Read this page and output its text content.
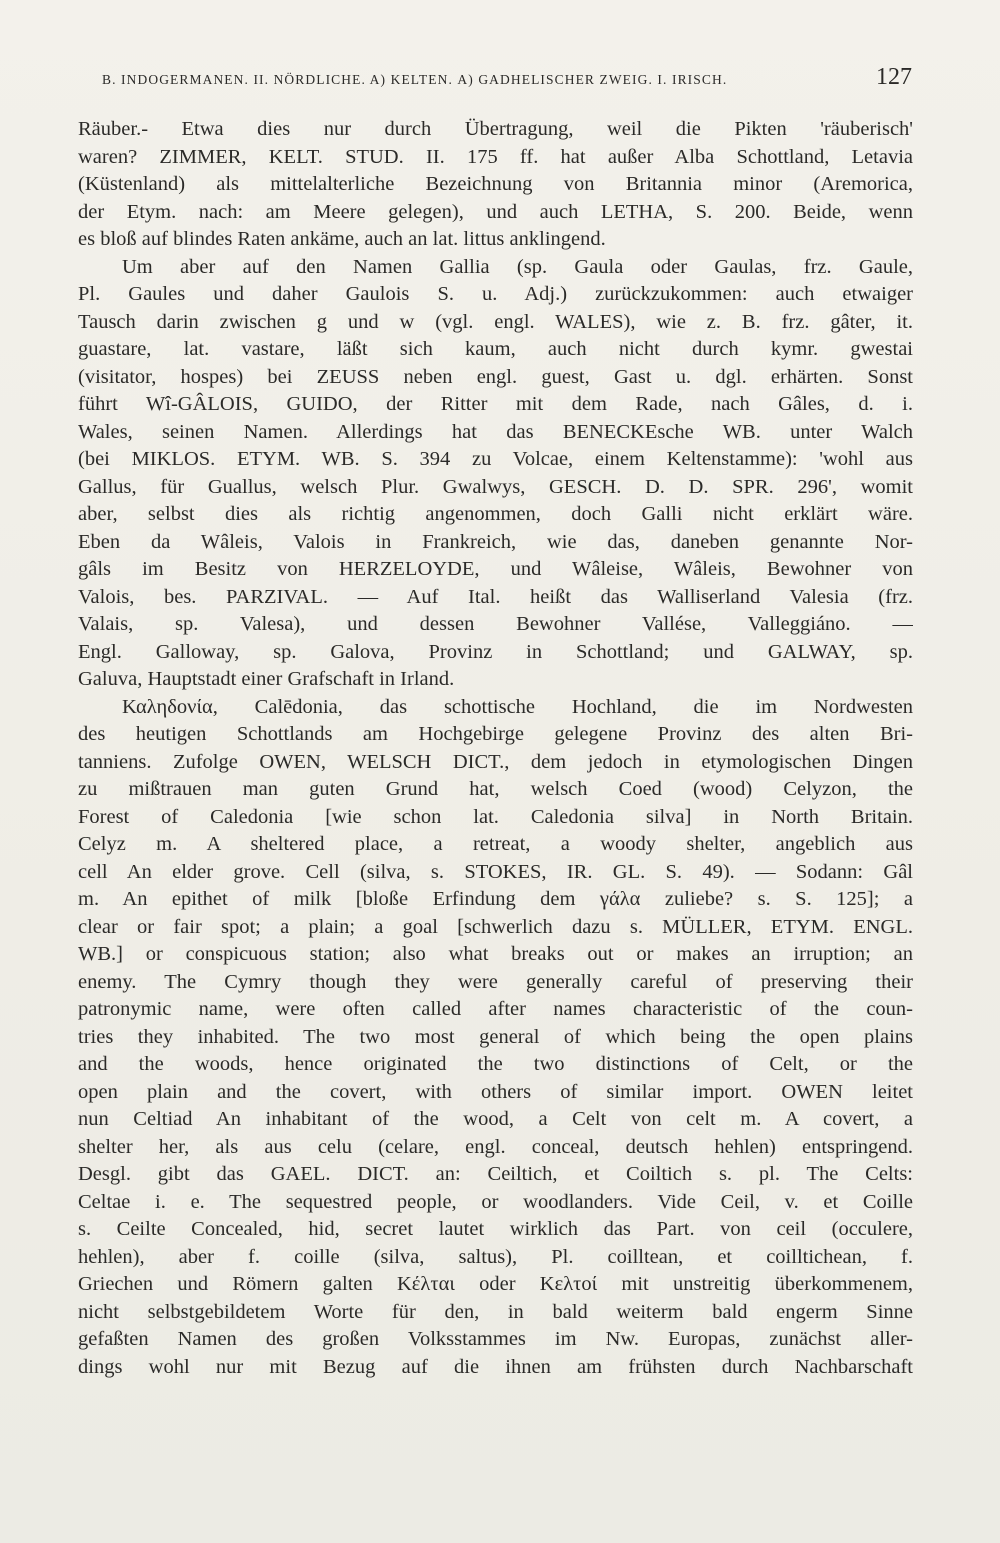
B. INDOGERMANEN. II. NÖRDLICHE. A) KELTEN. Α) GADHELISCHER ZWEIG. I. IRISCH.	127
Räuber.- Etwa dies nur durch Übertragung, weil die Pikten 'räuberisch'
waren? ZIMMER, KELT. STUD. II. 175 ff. hat außer Alba Schottland, Letavia
(Küstenland) als mittelalterliche Bezeichnung von Britannia minor (Aremorica,
der Etym. nach: am Meere gelegen), und auch LETHA, S. 200. Beide, wenn
es bloß auf blindes Raten ankäme, auch an lat. littus anklingend.
Um aber auf den Namen Gallia (sp. Gaula oder Gaulas, frz. Gaule,
Pl. Gaules und daher Gaulois S. u. Adj.) zurückzukommen: auch etwaiger
Tausch darin zwischen g und w (vgl. engl. WALES), wie z. B. frz. gâter, it.
guastare, lat. vastare, läßt sich kaum, auch nicht durch kymr. gwestai
(visitator, hospes) bei ZEUSS neben engl. guest, Gast u. dgl. erhärten. Sonst
führt Wî-GÂLOIS, GUIDO, der Ritter mit dem Rade, nach Gâles, d. i.
Wales, seinen Namen. Allerdings hat das BENECKEsche WB. unter Walch
(bei MIKLOS. ETYM. WB. S. 394 zu Volcae, einem Keltenstamme): 'wohl aus
Gallus, für Guallus, welsch Plur. Gwalwys, GESCH. D. D. SPR. 296', womit
aber, selbst dies als richtig angenommen, doch Galli nicht erklärt wäre.
Eben da Wâleis, Valois in Frankreich, wie das, daneben genannte Nor-
gâls im Besitz von HERZELOYDE, und Wâleise, Wâleis, Bewohner von
Valois, bes. PARZIVAL. — Auf Ital. heißt das Walliserland Valesia (frz.
Valais, sp. Valesa), und dessen Bewohner Vallése, Valleggiáno. —
Engl. Galloway, sp. Galova, Provinz in Schottland; und GALWAY, sp.
Galuva, Hauptstadt einer Grafschaft in Irland.
Καληδονία, Calēdonia, das schottische Hochland, die im Nordwesten
des heutigen Schottlands am Hochgebirge gelegene Provinz des alten Bri-
tanniens. Zufolge OWEN, WELSCH DICT., dem jedoch in etymologischen Dingen
zu mißtrauen man guten Grund hat, welsch Coed (wood) Celyzon, the
Forest of Caledonia [wie schon lat. Caledonia silva] in North Britain.
Celyz m. A sheltered place, a retreat, a woody shelter, angeblich aus
cell An elder grove. Cell (silva, s. STOKES, IR. GL. S. 49). — Sodann: Gâl
m. An epithet of milk [bloße Erfindung dem γάλα zuliebe? s. S. 125]; a
clear or fair spot; a plain; a goal [schwerlich dazu s. MÜLLER, ETYM. ENGL.
WB.] or conspicuous station; also what breaks out or makes an irruption; an
enemy. The Cymry though they were generally careful of preserving their
patronymic name, were often called after names characteristic of the coun-
tries they inhabited. The two most general of which being the open plains
and the woods, hence originated the two distinctions of Celt, or the
open plain and the covert, with others of similar import. OWEN leitet
nun Celtiad An inhabitant of the wood, a Celt von celt m. A covert, a
shelter her, als aus celu (celare, engl. conceal, deutsch hehlen) entspringend.
Desgl. gibt das GAEL. DICT. an: Ceiltich, et Coiltich s. pl. The Celts:
Celtae i. e. The sequestred people, or woodlanders. Vide Ceil, v. et Coille
s. Ceilte Concealed, hid, secret lautet wirklich das Part. von ceil (occulere,
hehlen), aber f. coille (silva, saltus), Pl. coilltean, et coilltichean, f.
Griechen und Römern galten Κέλται oder Κελτοί mit unstreitig überkommenem,
nicht selbstgebildetem Worte für den, in bald weiterm bald engerm Sinne
gefaßten Namen des großen Volksstammes im Nw. Europas, zunächst aller-
dings wohl nur mit Bezug auf die ihnen am frühsten durch Nachbarschaft
